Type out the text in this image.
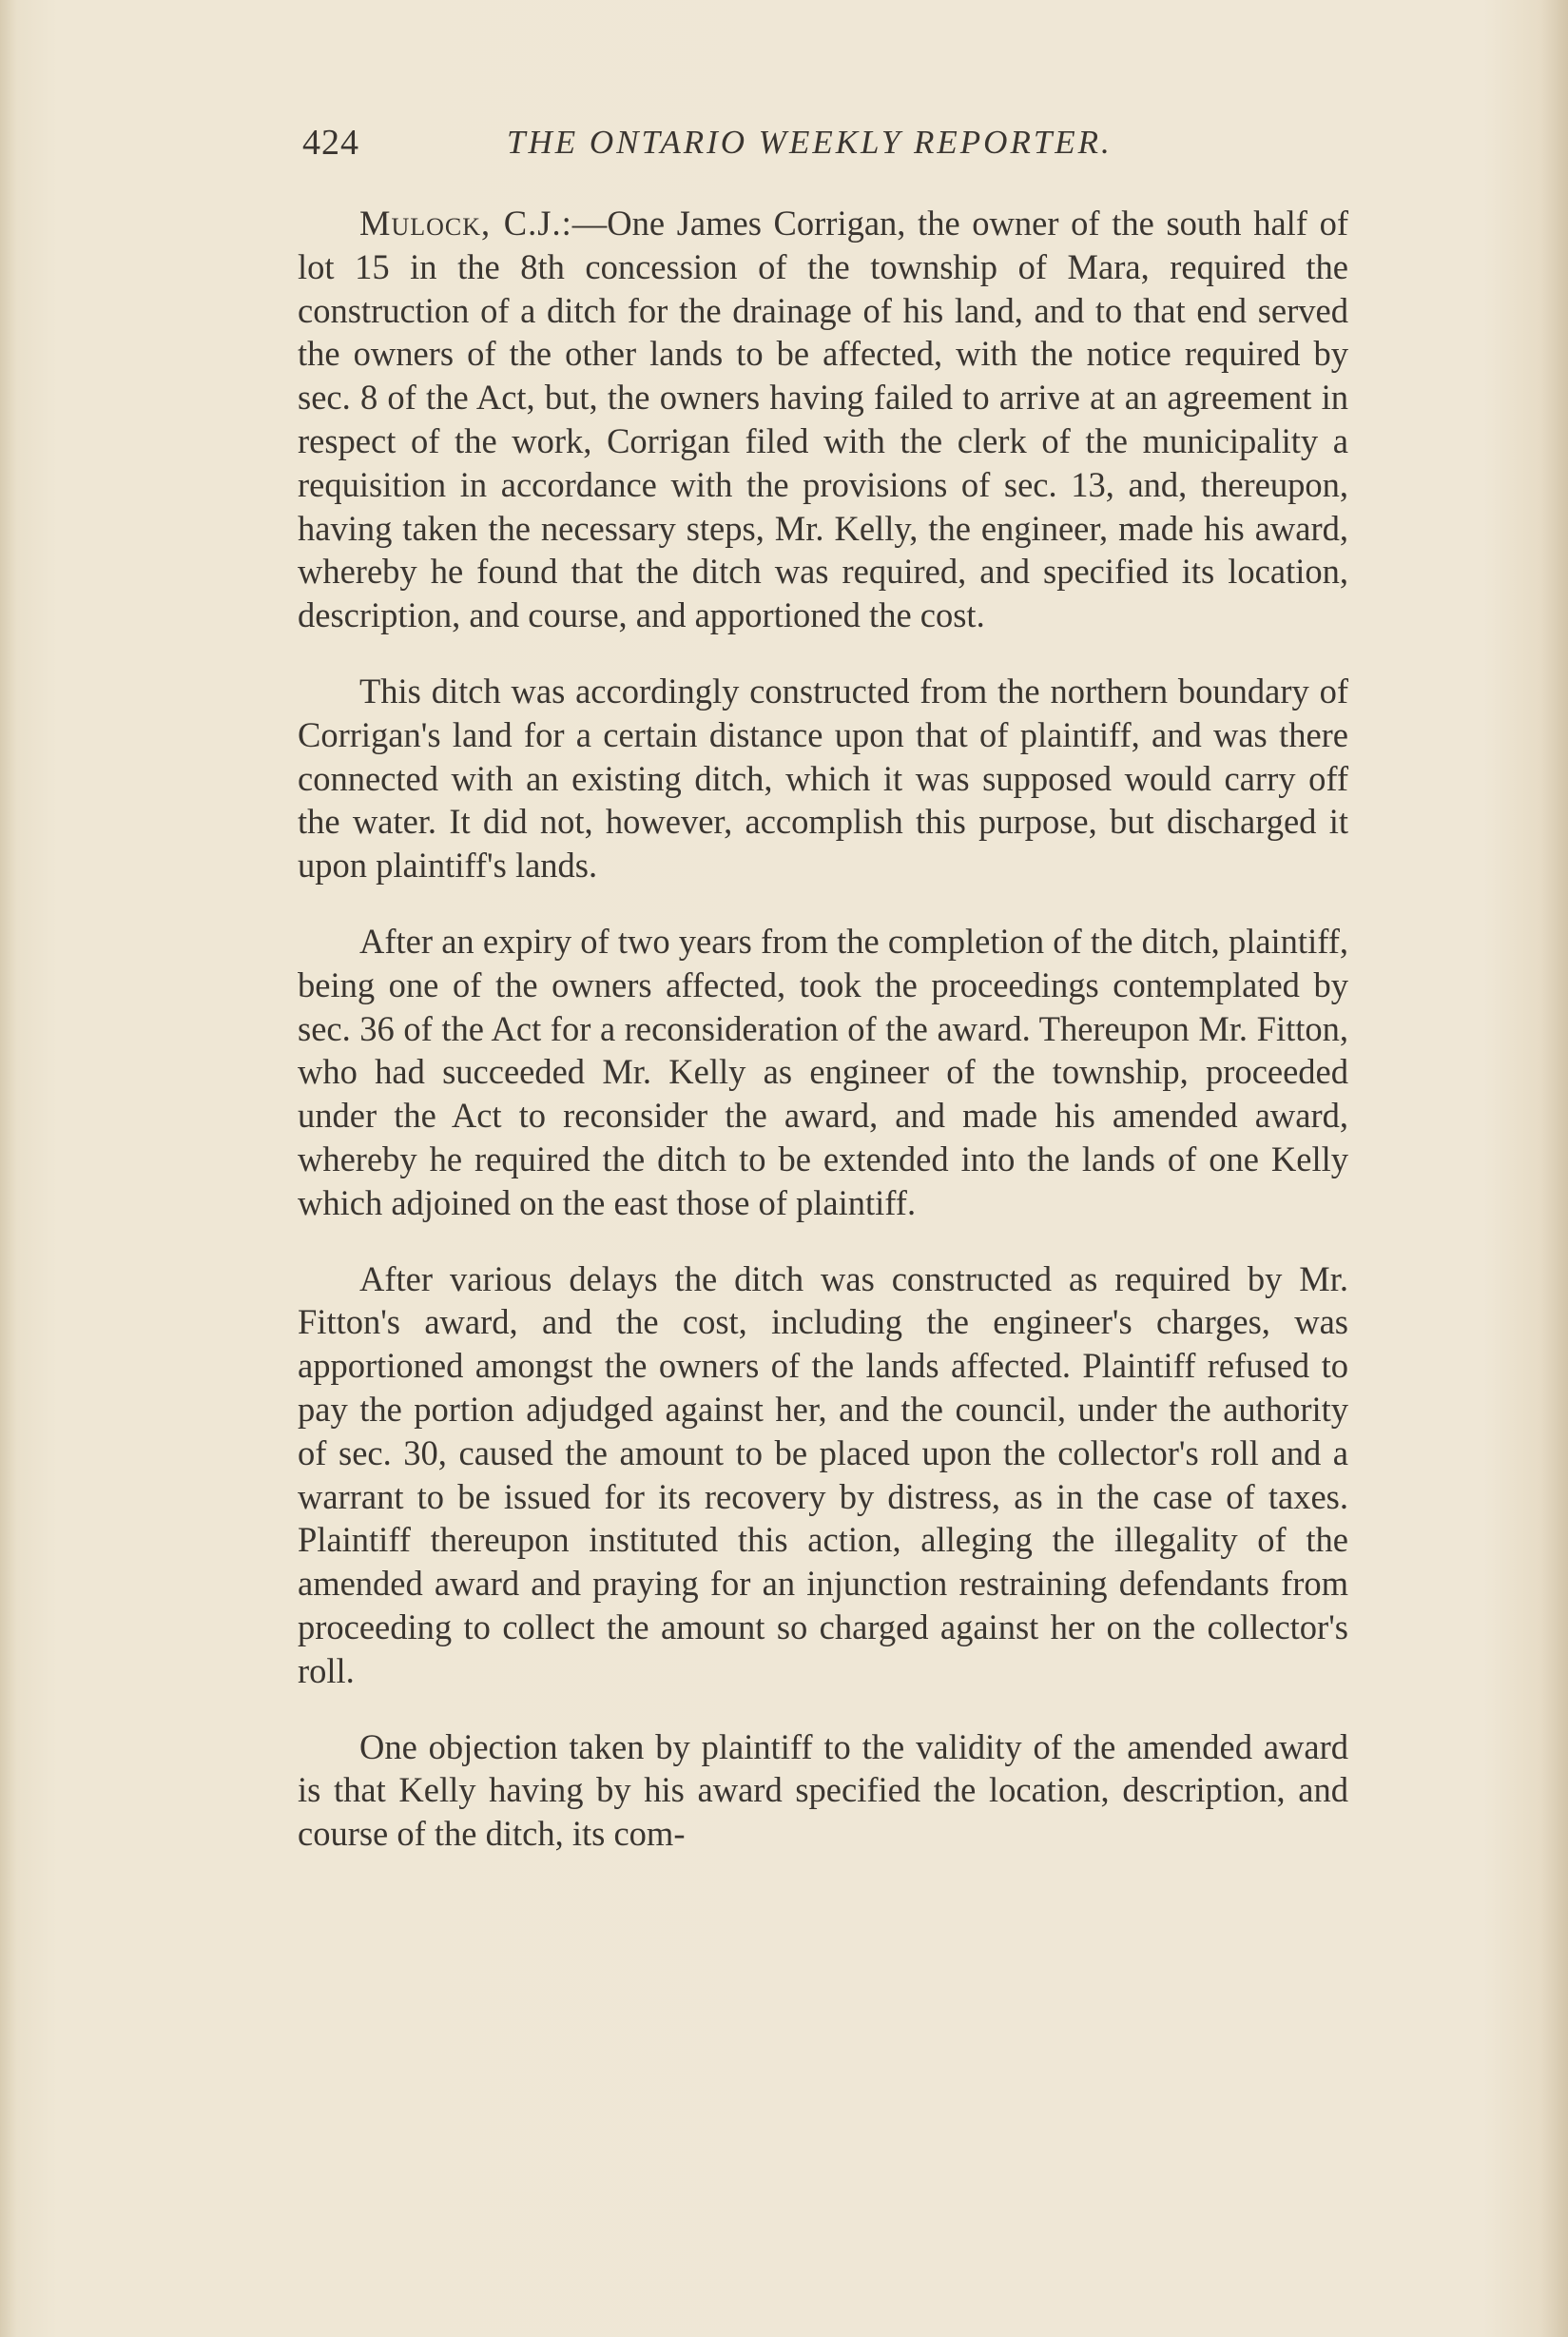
424	THE ONTARIO WEEKLY REPORTER.

Mulock, C.J.:—One James Corrigan, the owner of the south half of lot 15 in the 8th concession of the township of Mara, required the construction of a ditch for the drainage of his land, and to that end served the owners of the other lands to be affected, with the notice required by sec. 8 of the Act, but, the owners having failed to arrive at an agreement in respect of the work, Corrigan filed with the clerk of the municipality a requisition in accordance with the provisions of sec. 13, and, thereupon, having taken the necessary steps, Mr. Kelly, the engineer, made his award, whereby he found that the ditch was required, and specified its location, description, and course, and apportioned the cost.

This ditch was accordingly constructed from the northern boundary of Corrigan's land for a certain distance upon that of plaintiff, and was there connected with an existing ditch, which it was supposed would carry off the water. It did not, however, accomplish this purpose, but discharged it upon plaintiff's lands.

After an expiry of two years from the completion of the ditch, plaintiff, being one of the owners affected, took the proceedings contemplated by sec. 36 of the Act for a reconsideration of the award. Thereupon Mr. Fitton, who had succeeded Mr. Kelly as engineer of the township, proceeded under the Act to reconsider the award, and made his amended award, whereby he required the ditch to be extended into the lands of one Kelly which adjoined on the east those of plaintiff.

After various delays the ditch was constructed as required by Mr. Fitton's award, and the cost, including the engineer's charges, was apportioned amongst the owners of the lands affected. Plaintiff refused to pay the portion adjudged against her, and the council, under the authority of sec. 30, caused the amount to be placed upon the collector's roll and a warrant to be issued for its recovery by distress, as in the case of taxes. Plaintiff thereupon instituted this action, alleging the illegality of the amended award and praying for an injunction restraining defendants from proceeding to collect the amount so charged against her on the collector's roll.

One objection taken by plaintiff to the validity of the amended award is that Kelly having by his award specified the location, description, and course of the ditch, its com-
